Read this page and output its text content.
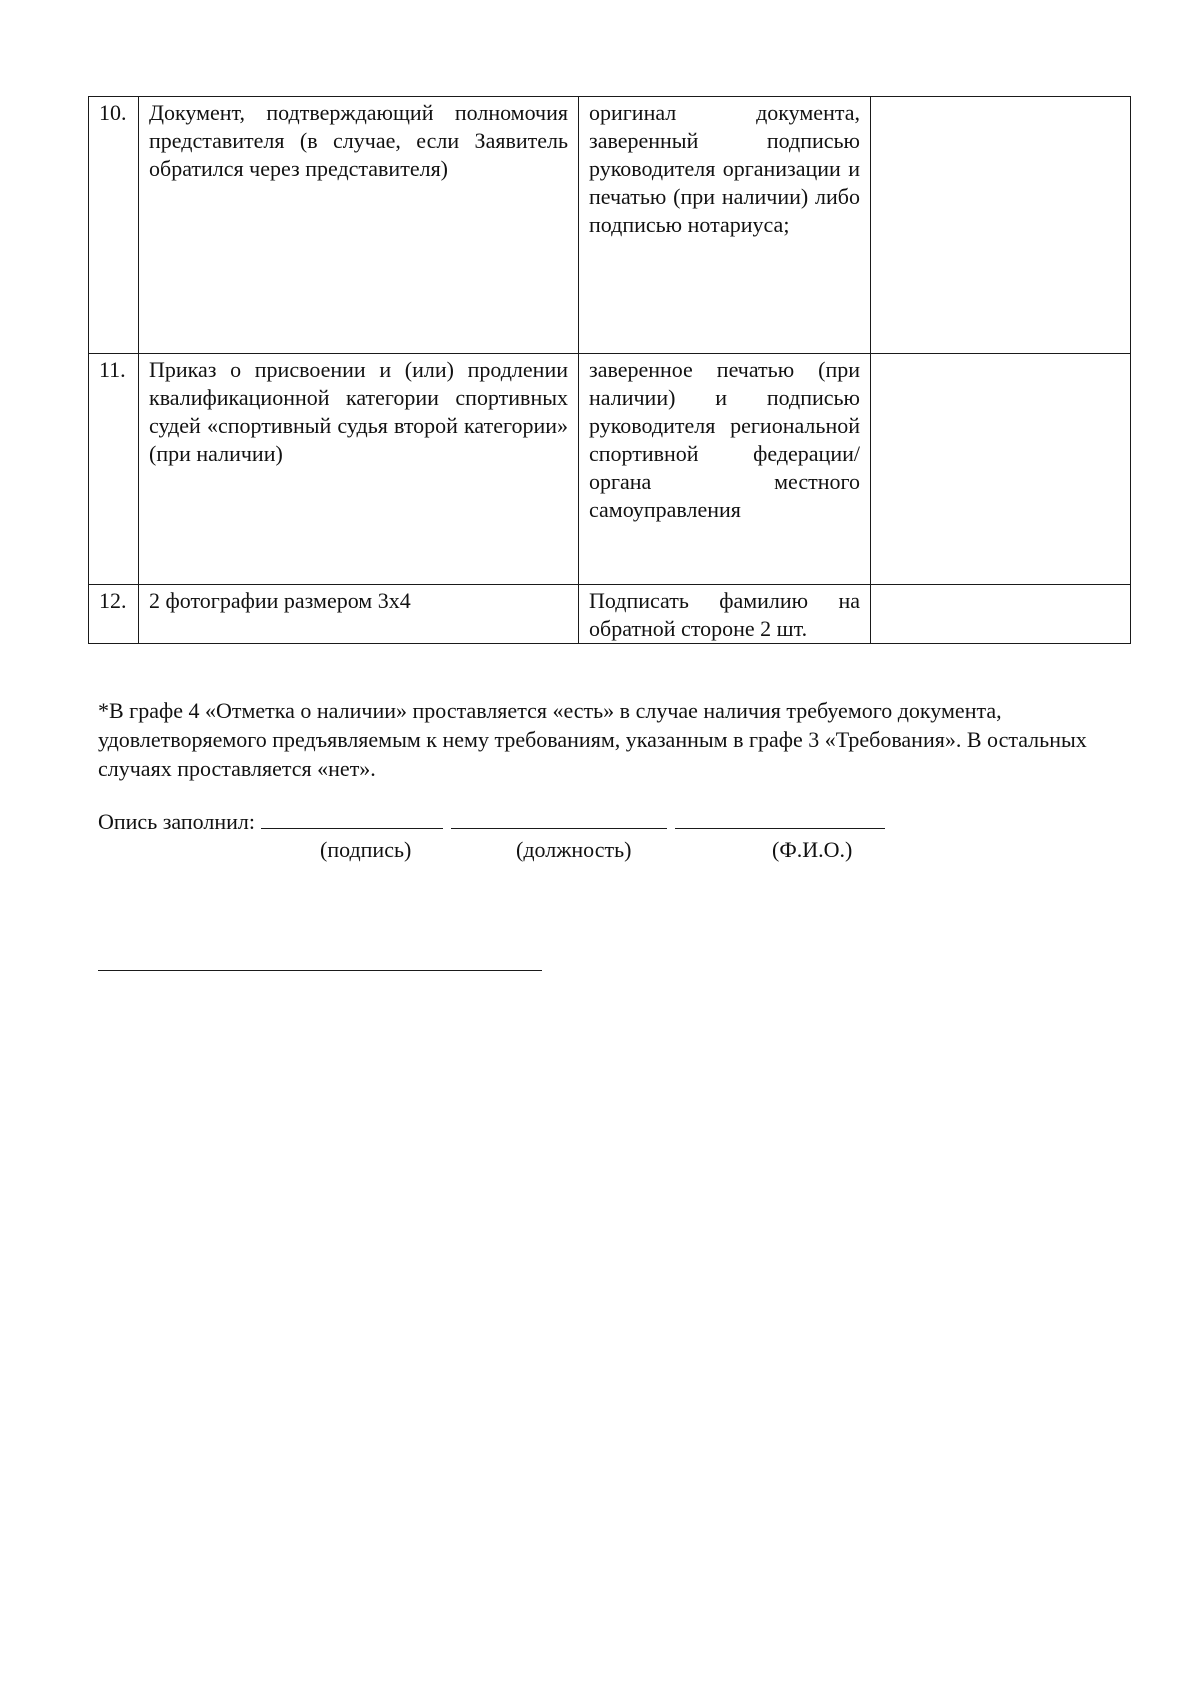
10.	Документ, подтверждающий полномочия представителя (в случае, если Заявитель обратился через представителя)	оригинал документа, заверенный подписью руководителя организации и печатью (при наличии) либо подписью нотариуса;	
11.	Приказ о присвоении и (или) продлении квалификационной категории спортивных судей «спортивный судья второй категории» (при наличии)	заверенное печатью (при наличии) и подписью руководителя региональной спортивной федерации/органа местного самоуправления	
12.	2 фотографии размером 3x4	Подписать фамилию на обратной стороне 2 шт.	
*В графе 4 «Отметка о наличии» проставляется «есть» в случае наличия требуемого документа, удовлетворяемого предъявляемым к нему требованиям, указанным в графе 3 «Требования». В остальных случаях проставляется «нет».
Опись заполнил:
(подпись)	(должность)	(Ф.И.О.)
